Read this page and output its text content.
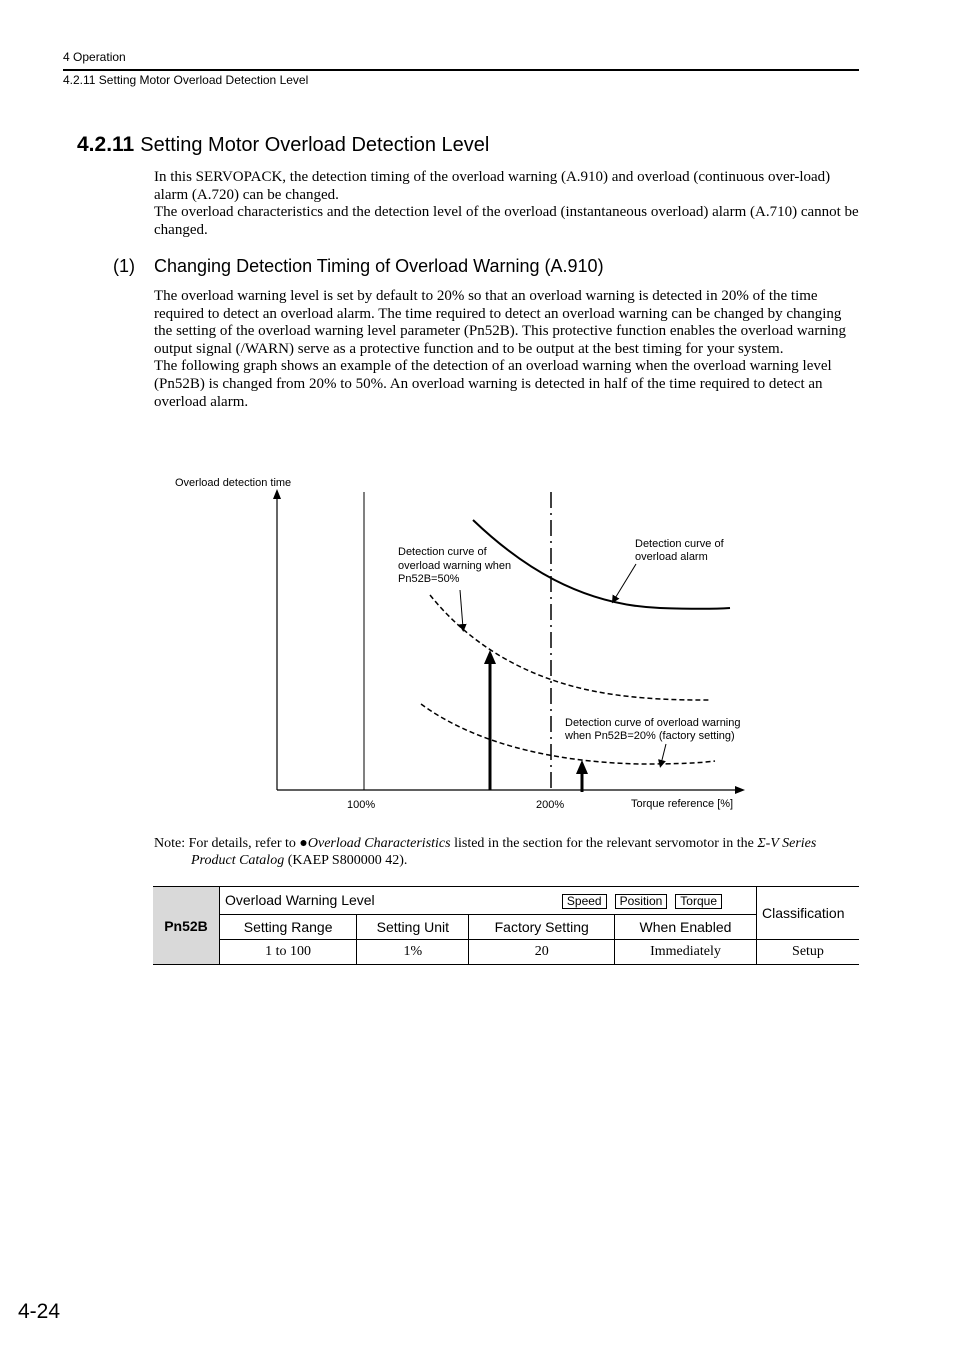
4 Operation
4.2.11 Setting Motor Overload Detection Level
4.2.11 Setting Motor Overload Detection Level

In this SERVOPACK, the detection timing of the overload warning (A.910) and overload (continuous over-load) alarm (A.720) can be changed.

The overload characteristics and the detection level of the overload (instantaneous overload) alarm (A.710) cannot be changed.

(1) Changing Detection Timing of Overload Warning (A.910)

The overload warning level is set by default to 20% so that an overload warning is detected in 20% of the time required to detect an overload alarm. The time required to detect an overload warning can be changed by changing the setting of the overload warning level parameter (Pn52B). This protective function enables the overload warning output signal (/WARN) serve as a protective function and to be output at the best timing for your system.

The following graph shows an example of the detection of an overload warning when the overload warning level (Pn52B) is changed from 20% to 50%. An overload warning is detected in half of the time required to detect an overload alarm.

Overload detection time
Torque reference [%]
100%	200%
Detection curve of
overload alarm
Detection curve of
overload warning when
Pn52B=50%
Detection curve of overload warning
when Pn52B=20% (factory setting)
Note: For details, refer to ●Overload Characteristics listed in the section for the relevant servomotor in the Σ-V Series
Product Catalog (KAEP S800000 42).
Pn52B	Overload Warning Level Speed Position Torque				Classification
	Setting Range	Setting Unit	Factory Setting	When Enabled	
	1 to 100	1%	20	Immediately	Setup
4-24
